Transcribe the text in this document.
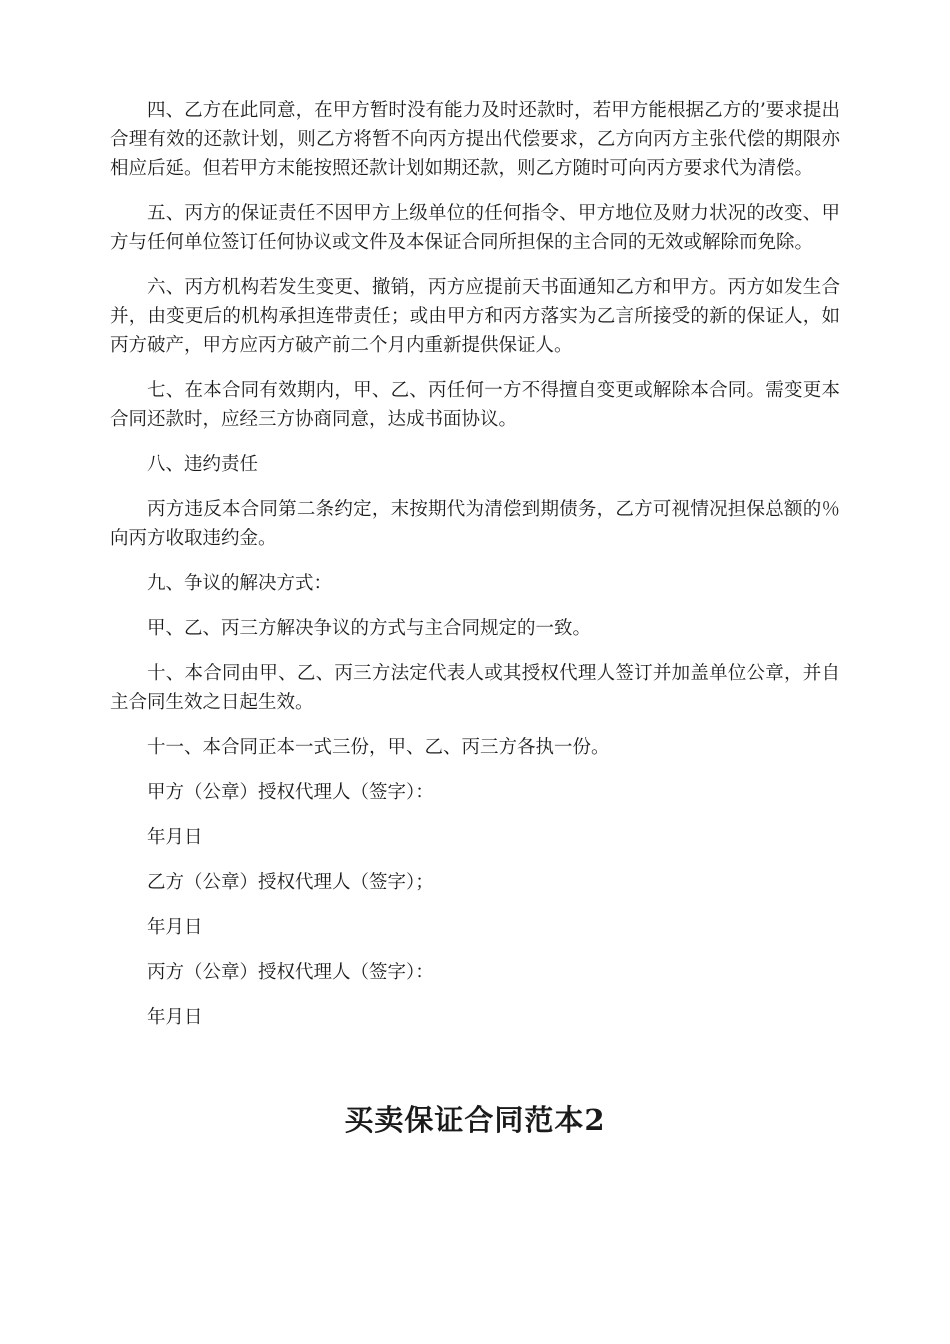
四、乙方在此同意，在甲方暂时没有能力及时还款时，若甲方能根据乙方的’要求提出合理有效的还款计划，则乙方将暂不向丙方提出代偿要求，乙方向丙方主张代偿的期限亦相应后延。但若甲方末能按照还款计划如期还款，则乙方随时可向丙方要求代为清偿。

五、丙方的保证责任不因甲方上级单位的任何指令、甲方地位及财力状况的改变、甲方与任何单位签订任何协议或文件及本保证合同所担保的主合同的无效或解除而免除。

六、丙方机构若发生变更、撤销，丙方应提前天书面通知乙方和甲方。丙方如发生合并，由变更后的机构承担连带责任；或由甲方和丙方落实为乙言所接受的新的保证人，如丙方破产，甲方应丙方破产前二个月内重新提供保证人。

七、在本合同有效期内，甲、乙、丙任何一方不得擅自变更或解除本合同。需变更本合同还款时，应经三方协商同意，达成书面协议。

八、违约责任

丙方违反本合同第二条约定，末按期代为清偿到期债务，乙方可视情况担保总额的％向丙方收取违约金。

九、争议的解决方式：

甲、乙、丙三方解决争议的方式与主合同规定的一致。

十、本合同由甲、乙、丙三方法定代表人或其授权代理人签订并加盖单位公章，并自主合同生效之日起生效。

十一、本合同正本一式三份，甲、乙、丙三方各执一份。

甲方（公章）授权代理人（签字）：

年月日

乙方（公章）授权代理人（签字）；

年月日

丙方（公章）授权代理人（签字）：

年月日

买卖保证合同范本2
